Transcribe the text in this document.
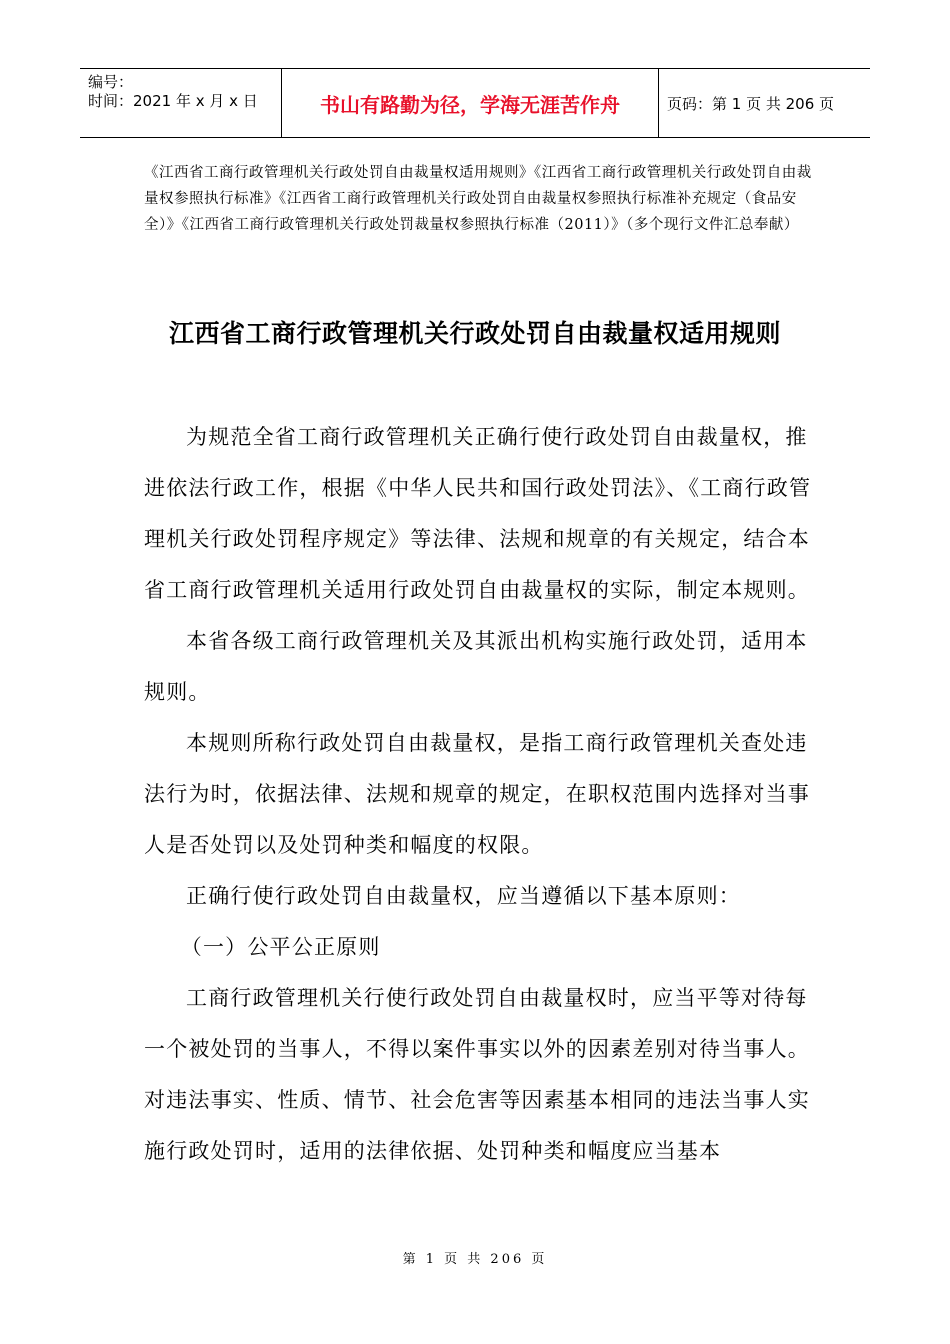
编号：
时间：2021 年 x 月 x 日	书山有路勤为径，学海无涯苦作舟	页码：第 1 页 共 206 页
《江西省工商行政管理机关行政处罚自由裁量权适用规则》《江西省工商行政管理机关行政处罚自由裁量权参照执行标准》《江西省工商行政管理机关行政处罚自由裁量权参照执行标准补充规定（食品安全）》《江西省工商行政管理机关行政处罚裁量权参照执行标准（2011）》（多个现行文件汇总奉献）
江西省工商行政管理机关行政处罚自由裁量权适用规则

为规范全省工商行政管理机关正确行使行政处罚自由裁量权，推进依法行政工作，根据《中华人民共和国行政处罚法》、《工商行政管理机关行政处罚程序规定》等法律、法规和规章的有关规定，结合本省工商行政管理机关适用行政处罚自由裁量权的实际，制定本规则。

本省各级工商行政管理机关及其派出机构实施行政处罚，适用本规则。

本规则所称行政处罚自由裁量权，是指工商行政管理机关查处违法行为时，依据法律、法规和规章的规定，在职权范围内选择对当事人是否处罚以及处罚种类和幅度的权限。

正确行使行政处罚自由裁量权，应当遵循以下基本原则：

（一）公平公正原则

工商行政管理机关行使行政处罚自由裁量权时，应当平等对待每一个被处罚的当事人，不得以案件事实以外的因素差别对待当事人。对违法事实、性质、情节、社会危害等因素基本相同的违法当事人实施行政处罚时，适用的法律依据、处罚种类和幅度应当基本

第 1 页 共 206 页
